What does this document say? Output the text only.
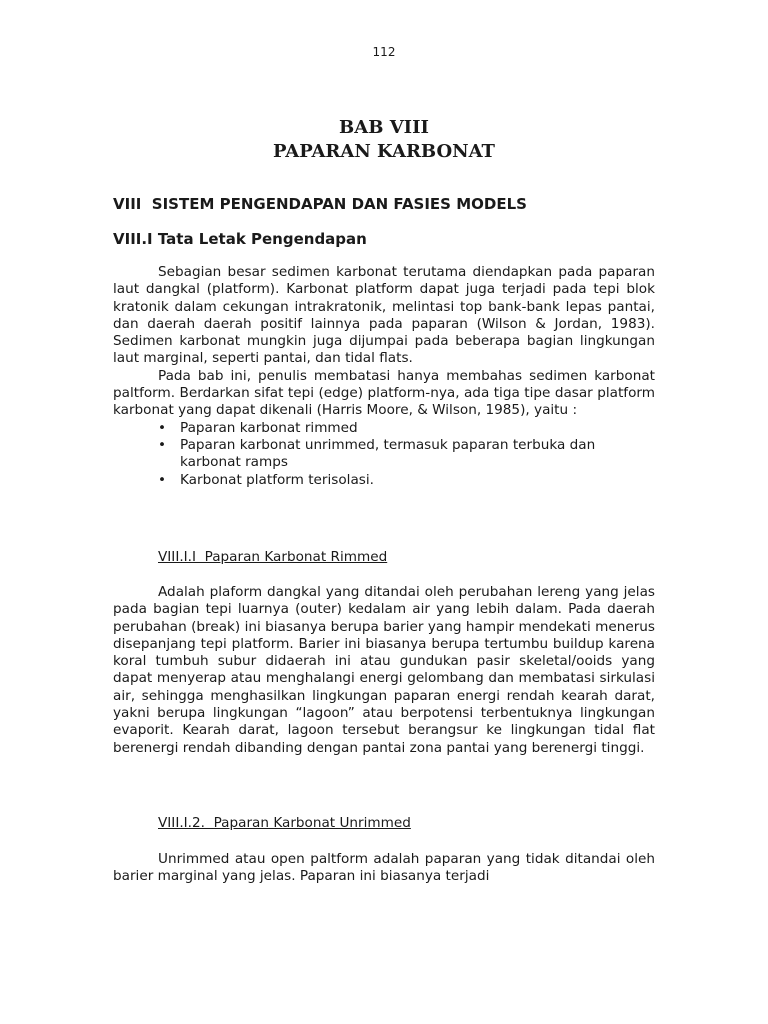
112
BAB VIII
PAPARAN KARBONAT
VIII  SISTEM PENGENDAPAN DAN FASIES MODELS
VIII.I Tata Letak Pengendapan

Sebagian besar sedimen karbonat terutama diendapkan pada paparan laut dangkal (platform). Karbonat platform dapat juga terjadi pada tepi blok kratonik dalam cekungan intrakratonik, melintasi top bank-bank lepas pantai, dan daerah daerah positif lainnya pada paparan (Wilson & Jordan, 1983). Sedimen karbonat mungkin juga dijumpai pada beberapa bagian lingkungan laut marginal, seperti pantai, dan tidal flats.

Pada bab ini, penulis membatasi hanya membahas sedimen karbonat paltform. Berdarkan sifat tepi (edge) platform-nya, ada tiga tipe dasar platform karbonat yang dapat dikenali (Harris Moore, & Wilson, 1985), yaitu :

• Paparan karbonat rimmed
• Paparan karbonat unrimmed, termasuk paparan terbuka dan karbonat ramps
• Karbonat platform terisolasi.
VIII.I.I  Paparan Karbonat Rimmed

Adalah plaform dangkal yang ditandai oleh perubahan lereng yang jelas pada bagian tepi luarnya (outer) kedalam air yang lebih dalam. Pada daerah perubahan (break) ini biasanya berupa barier yang hampir mendekati menerus disepanjang tepi platform. Barier ini biasanya berupa tertumbu buildup karena koral tumbuh subur didaerah ini atau gundukan pasir skeletal/ooids yang dapat menyerap atau menghalangi energi gelombang dan membatasi sirkulasi air, sehingga menghasilkan lingkungan paparan energi rendah kearah darat, yakni berupa lingkungan “lagoon” atau berpotensi terbentuknya lingkungan evaporit. Kearah darat, lagoon tersebut berangsur ke lingkungan tidal flat berenergi rendah dibanding dengan pantai zona pantai yang berenergi tinggi.

VIII.I.2.  Paparan Karbonat Unrimmed

Unrimmed atau open paltform adalah paparan yang tidak ditandai oleh barier marginal yang jelas. Paparan ini biasanya terjadi
